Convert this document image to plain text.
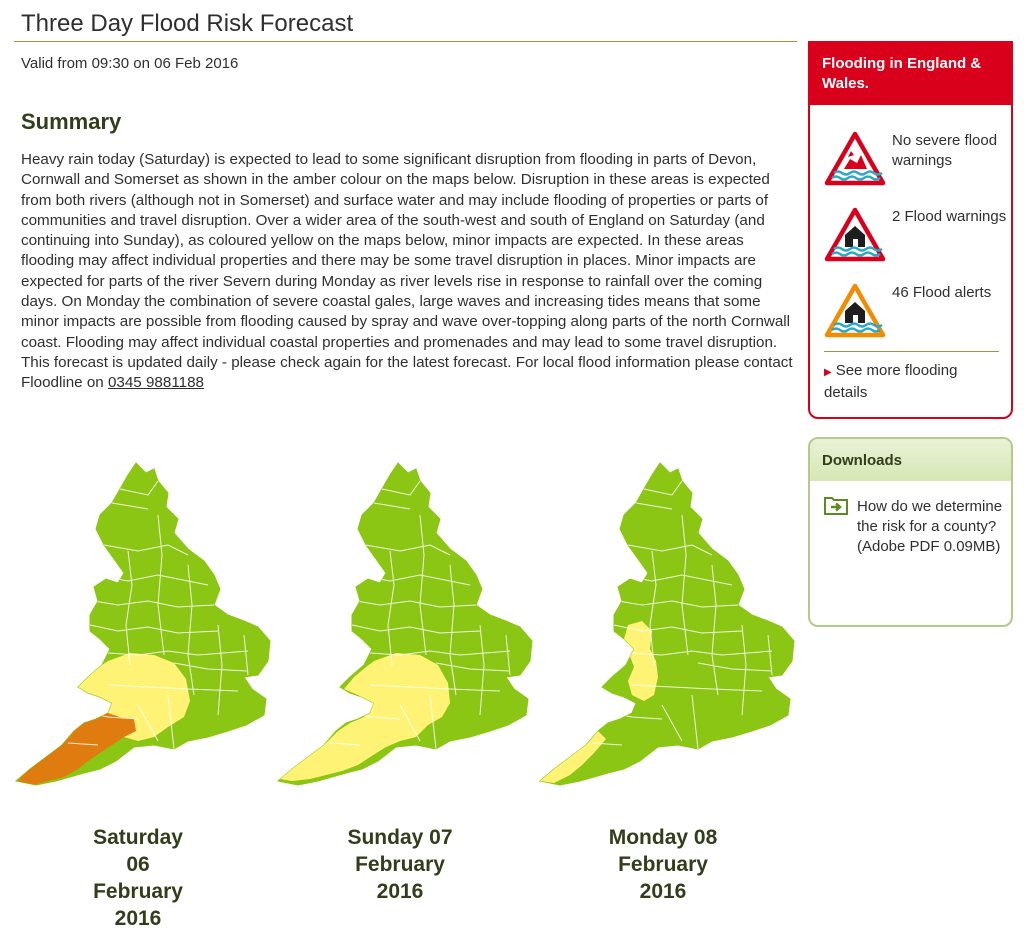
Three Day Flood Risk Forecast
Valid from 09:30 on 06 Feb 2016
Summary

Heavy rain today (Saturday) is expected to lead to some significant disruption from flooding in parts of Devon, Cornwall and Somerset as shown in the amber colour on the maps below. Disruption in these areas is expected from both rivers (although not in Somerset) and surface water and may include flooding of properties or parts of communities and travel disruption. Over a wider area of the south-west and south of England on Saturday (and continuing into Sunday), as coloured yellow on the maps below, minor impacts are expected. In these areas flooding may affect individual properties and there may be some travel disruption in places. Minor impacts are expected for parts of the river Severn during Monday as river levels rise in response to rainfall over the coming days. On Monday the combination of severe coastal gales, large waves and increasing tides means that some minor impacts are possible from flooding caused by spray and wave over-topping along parts of the north Cornwall coast. Flooding may affect individual coastal properties and promenades and may lead to some travel disruption. This forecast is updated daily - please check again for the latest forecast. For local flood information please contact Floodline on 0345 9881188

Saturday
06
February
2016
Sunday 07
February
2016
Monday 08
February
2016
Flooding in England & Wales.
No severe flood warnings
2 Flood warnings
46 Flood alerts
▶ See more flooding details
Downloads
How do we determine the risk for a county? (Adobe PDF 0.09MB)
